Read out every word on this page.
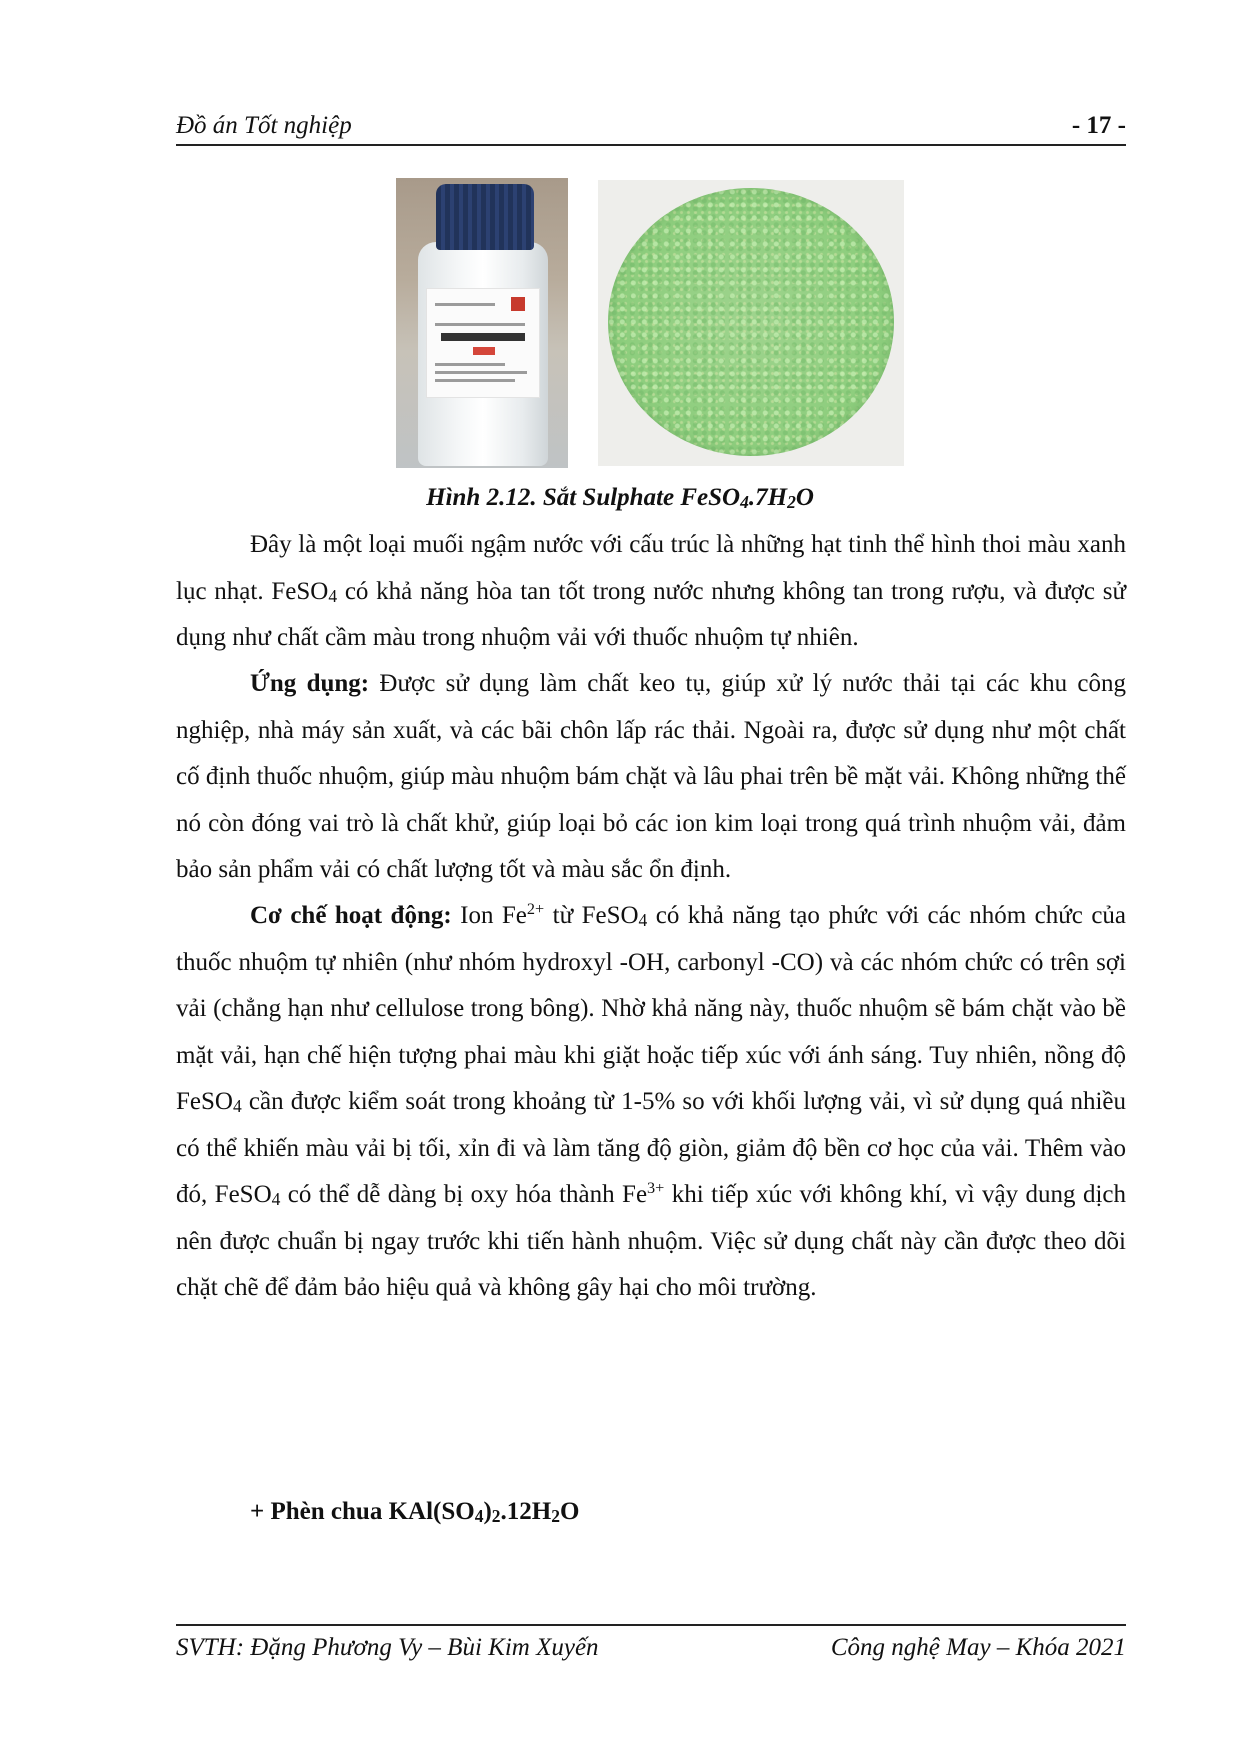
Đồ án Tốt nghiệp	- 17 -
Hình 2.12. Sắt Sulphate FeSO4.7H2O
Đây là một loại muối ngậm nước với cấu trúc là những hạt tinh thể hình thoi màu xanh lục nhạt. FeSO4 có khả năng hòa tan tốt trong nước nhưng không tan trong rượu, và được sử dụng như chất cầm màu trong nhuộm vải với thuốc nhuộm tự nhiên.
Ứng dụng: Được sử dụng làm chất keo tụ, giúp xử lý nước thải tại các khu công nghiệp, nhà máy sản xuất, và các bãi chôn lấp rác thải. Ngoài ra, được sử dụng như một chất cố định thuốc nhuộm, giúp màu nhuộm bám chặt và lâu phai trên bề mặt vải. Không những thế nó còn đóng vai trò là chất khử, giúp loại bỏ các ion kim loại trong quá trình nhuộm vải, đảm bảo sản phẩm vải có chất lượng tốt và màu sắc ổn định.
Cơ chế hoạt động: Ion $Fe^{2+}$ từ FeSO4 có khả năng tạo phức với các nhóm chức của thuốc nhuộm tự nhiên (như nhóm hydroxyl -OH, carbonyl -CO) và các nhóm chức có trên sợi vải (chẳng hạn như cellulose trong bông). Nhờ khả năng này, thuốc nhuộm sẽ bám chặt vào bề mặt vải, hạn chế hiện tượng phai màu khi giặt hoặc tiếp xúc với ánh sáng. Tuy nhiên, nồng độ FeSO4 cần được kiểm soát trong khoảng từ 1-5% so với khối lượng vải, vì sử dụng quá nhiều có thể khiến màu vải bị tối, xỉn đi và làm tăng độ giòn, giảm độ bền cơ học của vải. Thêm vào đó, FeSO4 có thể dễ dàng bị oxy hóa thành $Fe^{3+}$ khi tiếp xúc với không khí, vì vậy dung dịch nên được chuẩn bị ngay trước khi tiến hành nhuộm. Việc sử dụng chất này cần được theo dõi chặt chẽ để đảm bảo hiệu quả và không gây hại cho môi trường.
+ Phèn chua KAl(SO4)2.12H2O
SVTH: Đặng Phương Vy – Bùi Kim Xuyến	Công nghệ May – Khóa 2021
